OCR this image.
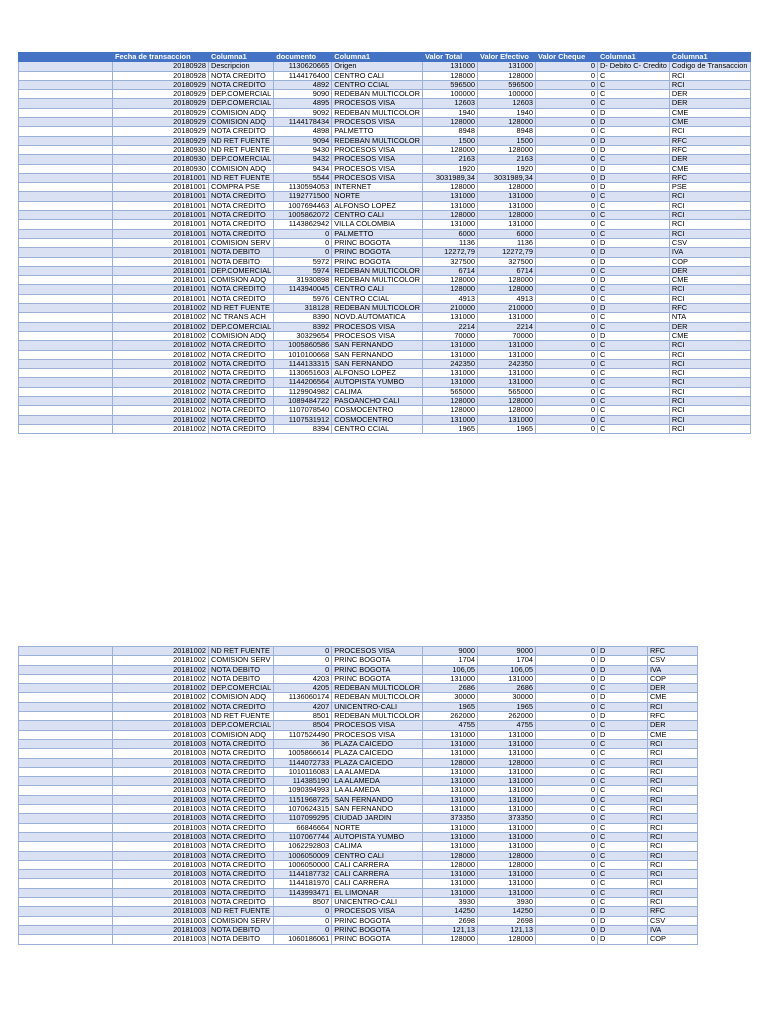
	Fecha de transaccion	Columna1	documento	Columna1	Valor Total	Valor Efectivo	Valor Cheque	Columna1	Columna1
	20180928	Descripcion	1130620665	Origen	131000	131000	0	D- Debito C- Credito	Codigo de Transaccion
	20180928	NOTA CREDITO	1144176400	CENTRO CALI	128000	128000	0	C	RCI
	20180929	NOTA CREDITO	4892	CENTRO CCIAL	596500	596500	0	C	RCI
	20180929	DEP.COMERCIAL	9090	REDEBAN MULTICOLOR	100000	100000	0	C	DER
	20180929	DEP.COMERCIAL	4895	PROCESOS VISA	12603	12603	0	C	DER
	20180929	COMISION ADQ	9092	REDEBAN MULTICOLOR	1940	1940	0	D	CME
	20180929	COMISION ADQ	1144178434	PROCESOS VISA	128000	128000	0	D	CME
	20180929	NOTA CREDITO	4898	PALMETTO	8948	8948	0	C	RCI
	20180929	ND RET FUENTE	9094	REDEBAN MULTICOLOR	1500	1500	0	D	RFC
	20180930	ND RET FUENTE	9430	PROCESOS VISA	128000	128000	0	D	RFC
	20180930	DEP.COMERCIAL	9432	PROCESOS VISA	2163	2163	0	C	DER
	20180930	COMISION ADQ	9434	PROCESOS VISA	1920	1920	0	D	CME
	20181001	ND RET FUENTE	5544	PROCESOS VISA	3031989,34	3031989,34	0	D	RFC
	20181001	COMPRA PSE	1130594053	INTERNET	128000	128000	0	D	PSE
	20181001	NOTA CREDITO	1192771500	NORTE	131000	131000	0	C	RCI
	20181001	NOTA CREDITO	1007694463	ALFONSO LOPEZ	131000	131000	0	C	RCI
	20181001	NOTA CREDITO	1005862072	CENTRO CALI	128000	128000	0	C	RCI
	20181001	NOTA CREDITO	1143862942	VILLA COLOMBIA	131000	131000	0	C	RCI
	20181001	NOTA CREDITO	0	PALMETTO	6000	6000	0	C	RCI
	20181001	COMISION SERV	0	PRINC BOGOTA	1136	1136	0	D	CSV
	20181001	NOTA DEBITO	0	PRINC BOGOTA	12272,79	12272,79	0	D	IVA
	20181001	NOTA DEBITO	5972	PRINC BOGOTA	327500	327500	0	D	COP
	20181001	DEP.COMERCIAL	5974	REDEBAN MULTICOLOR	6714	6714	0	C	DER
	20181001	COMISION ADQ	31930898	REDEBAN MULTICOLOR	128000	128000	0	D	CME
	20181001	NOTA CREDITO	1143940045	CENTRO CALI	128000	128000	0	C	RCI
	20181001	NOTA CREDITO	5976	CENTRO CCIAL	4913	4913	0	C	RCI
	20181002	ND RET FUENTE	318128	REDEBAN MULTICOLOR	210000	210000	0	D	RFC
	20181002	NC TRANS ACH	8390	NOVD.AUTOMATICA	131000	131000	0	C	NTA
	20181002	DEP.COMERCIAL	8392	PROCESOS VISA	2214	2214	0	C	DER
	20181002	COMISION ADQ	30329654	PROCESOS VISA	70000	70000	0	D	CME
	20181002	NOTA CREDITO	1005860586	SAN FERNANDO	131000	131000	0	C	RCI
	20181002	NOTA CREDITO	1010100668	SAN FERNANDO	131000	131000	0	C	RCI
	20181002	NOTA CREDITO	1144133315	SAN FERNANDO	242350	242350	0	C	RCI
	20181002	NOTA CREDITO	1130651603	ALFONSO LOPEZ	131000	131000	0	C	RCI
	20181002	NOTA CREDITO	1144206564	AUTOPISTA YUMBO	131000	131000	0	C	RCI
	20181002	NOTA CREDITO	1129904982	CALIMA	565000	565000	0	C	RCI
	20181002	NOTA CREDITO	1089484722	PASOANCHO CALI	128000	128000	0	C	RCI
	20181002	NOTA CREDITO	1107078540	COSMOCENTRO	128000	128000	0	C	RCI
	20181002	NOTA CREDITO	1107531912	COSMOCENTRO	131000	131000	0	C	RCI
	20181002	NOTA CREDITO	8394	CENTRO CCIAL	1965	1965	0	C	RCI
	20181002	ND RET FUENTE	0	PROCESOS VISA	9000	9000	0	D	RFC
	20181002	COMISION SERV	0	PRINC BOGOTA	1704	1704	0	D	CSV
	20181002	NOTA DEBITO	0	PRINC BOGOTA	106,05	106,05	0	D	IVA
	20181002	NOTA DEBITO	4203	PRINC BOGOTA	131000	131000	0	D	COP
	20181002	DEP.COMERCIAL	4205	REDEBAN MULTICOLOR	2686	2686	0	C	DER
	20181002	COMISION ADQ	1136060174	REDEBAN MULTICOLOR	30000	30000	0	D	CME
	20181002	NOTA CREDITO	4207	UNICENTRO-CALI	1965	1965	0	C	RCI
	20181003	ND RET FUENTE	8501	REDEBAN MULTICOLOR	262000	262000	0	D	RFC
	20181003	DEP.COMERCIAL	8504	PROCESOS VISA	4755	4755	0	C	DER
	20181003	COMISION ADQ	1107524490	PROCESOS VISA	131000	131000	0	D	CME
	20181003	NOTA CREDITO	36	PLAZA CAICEDO	131000	131000	0	C	RCI
	20181003	NOTA CREDITO	1005866614	PLAZA CAICEDO	131000	131000	0	C	RCI
	20181003	NOTA CREDITO	1144072733	PLAZA CAICEDO	128000	128000	0	C	RCI
	20181003	NOTA CREDITO	1010116083	LA ALAMEDA	131000	131000	0	C	RCI
	20181003	NOTA CREDITO	114385190	LA ALAMEDA	131000	131000	0	C	RCI
	20181003	NOTA CREDITO	1090394993	LA ALAMEDA	131000	131000	0	C	RCI
	20181003	NOTA CREDITO	1151968725	SAN FERNANDO	131000	131000	0	C	RCI
	20181003	NOTA CREDITO	1070624315	SAN FERNANDO	131000	131000	0	C	RCI
	20181003	NOTA CREDITO	1107099295	CIUDAD JARDIN	373350	373350	0	C	RCI
	20181003	NOTA CREDITO	66846664	NORTE	131000	131000	0	C	RCI
	20181003	NOTA CREDITO	1107067744	AUTOPISTA YUMBO	131000	131000	0	C	RCI
	20181003	NOTA CREDITO	1062292803	CALIMA	131000	131000	0	C	RCI
	20181003	NOTA CREDITO	1006050009	CENTRO CALI	128000	128000	0	C	RCI
	20181003	NOTA CREDITO	1006050000	CALI CARRERA	128000	128000	0	C	RCI
	20181003	NOTA CREDITO	1144187732	CALI CARRERA	131000	131000	0	C	RCI
	20181003	NOTA CREDITO	1144181970	CALI CARRERA	131000	131000	0	C	RCI
	20181003	NOTA CREDITO	1143993471	EL LIMONAR	131000	131000	0	C	RCI
	20181003	NOTA CREDITO	8507	UNICENTRO-CALI	3930	3930	0	C	RCI
	20181003	ND RET FUENTE	0	PROCESOS VISA	14250	14250	0	D	RFC
	20181003	COMISION SERV	0	PRINC BOGOTA	2698	2698	0	D	CSV
	20181003	NOTA DEBITO	0	PRINC BOGOTA	121,13	121,13	0	D	IVA
	20181003	NOTA DEBITO	1060186061	PRINC BOGOTA	128000	128000	0	D	COP
